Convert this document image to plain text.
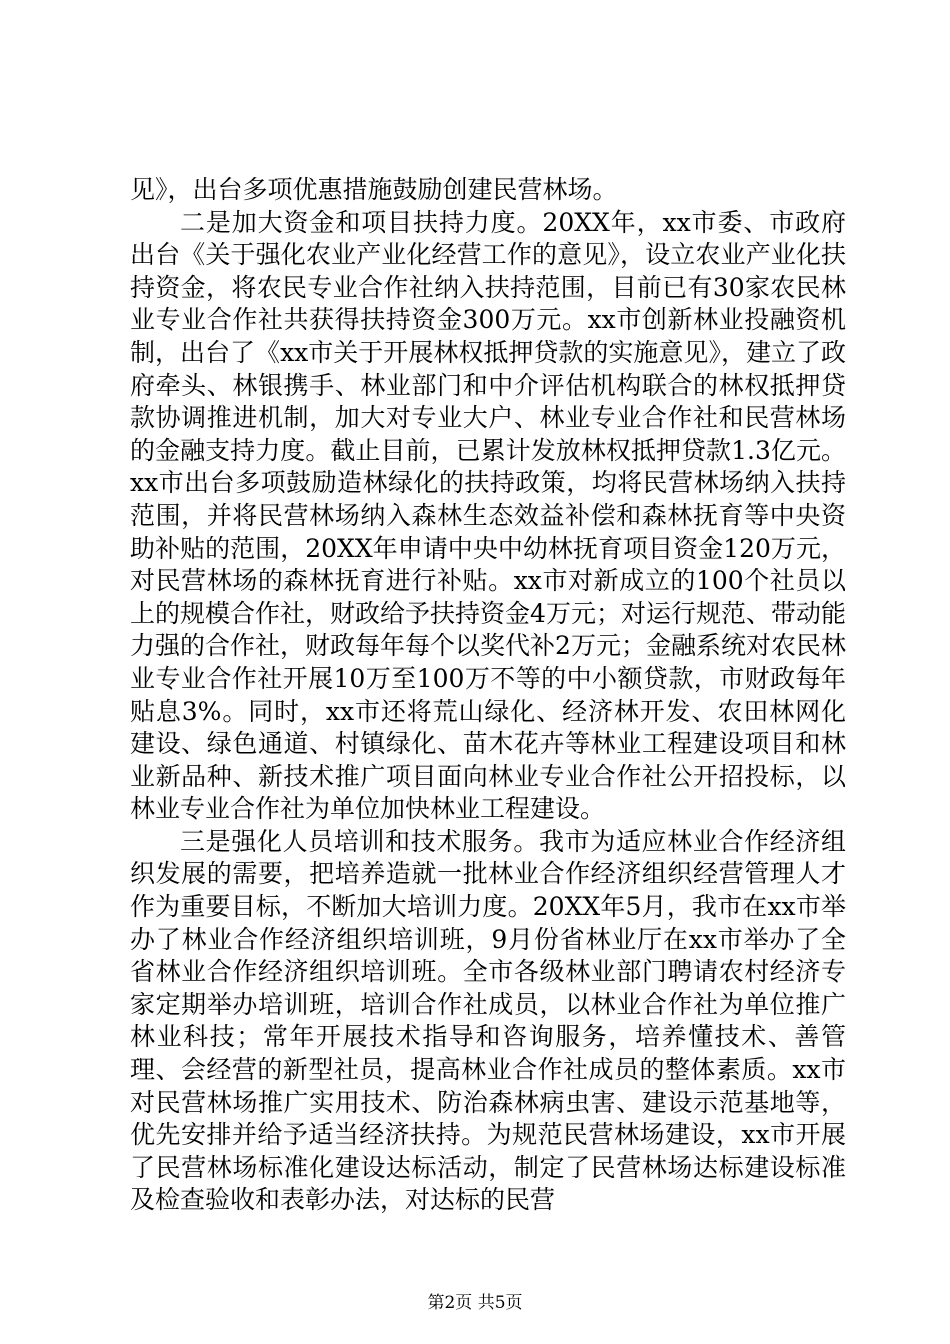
见》，出台多项优惠措施鼓励创建民营林场。

二是加大资金和项目扶持力度。20XX年，xx市委、市政府出台《关于强化农业产业化经营工作的意见》，设立农业产业化扶持资金，将农民专业合作社纳入扶持范围，目前已有30家农民林业专业合作社共获得扶持资金300万元。xx市创新林业投融资机制，出台了《xx市关于开展林权抵押贷款的实施意见》，建立了政府牵头、林银携手、林业部门和中介评估机构联合的林权抵押贷款协调推进机制，加大对专业大户、林业专业合作社和民营林场的金融支持力度。截止目前，已累计发放林权抵押贷款1.3亿元。xx市出台多项鼓励造林绿化的扶持政策，均将民营林场纳入扶持范围，并将民营林场纳入森林生态效益补偿和森林抚育等中央资助补贴的范围，20XX年申请中央中幼林抚育项目资金120万元，对民营林场的森林抚育进行补贴。xx市对新成立的100个社员以上的规模合作社，财政给予扶持资金4万元；对运行规范、带动能力强的合作社，财政每年每个以奖代补2万元；金融系统对农民林业专业合作社开展10万至100万不等的中小额贷款，市财政每年贴息3%。同时，xx市还将荒山绿化、经济林开发、农田林网化建设、绿色通道、村镇绿化、苗木花卉等林业工程建设项目和林业新品种、新技术推广项目面向林业专业合作社公开招投标，以林业专业合作社为单位加快林业工程建设。

三是强化人员培训和技术服务。我市为适应林业合作经济组织发展的需要，把培养造就一批林业合作经济组织经营管理人才作为重要目标，不断加大培训力度。20XX年5月，我市在xx市举办了林业合作经济组织培训班，9月份省林业厅在xx市举办了全省林业合作经济组织培训班。全市各级林业部门聘请农村经济专家定期举办培训班，培训合作社成员，以林业合作社为单位推广林业科技；常年开展技术指导和咨询服务，培养懂技术、善管理、会经营的新型社员，提高林业合作社成员的整体素质。xx市对民营林场推广实用技术、防治森林病虫害、建设示范基地等，优先安排并给予适当经济扶持。为规范民营林场建设，xx市开展了民营林场标准化建设达标活动，制定了民营林场达标建设标准及检查验收和表彰办法，对达标的民营

第2页 共5页
